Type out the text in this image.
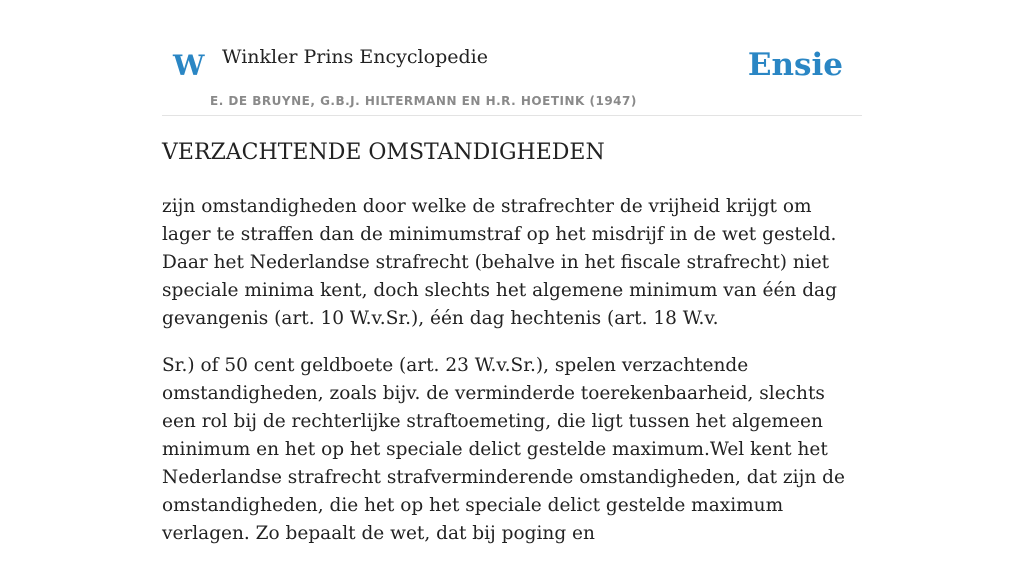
W Winkler Prins Encyclopedie
E. DE BRUYNE, G.B.J. HILTERMANN EN H.R. HOETINK (1947)
Ensie
VERZACHTENDE OMSTANDIGHEDEN

zijn omstandigheden door welke de strafrechter de vrijheid krijgt om lager te straffen dan de minimumstraf op het misdrijf in de wet gesteld. Daar het Nederlandse strafrecht (behalve in het fiscale strafrecht) niet speciale minima kent, doch slechts het algemene minimum van één dag gevangenis (art. 10 W.v.Sr.), één dag hechtenis (art. 18 W.v.

Sr.) of 50 cent geldboete (art. 23 W.v.Sr.), spelen verzachtende omstandigheden, zoals bijv. de verminderde toerekenbaarheid, slechts een rol bij de rechterlijke straftoemeting, die ligt tussen het algemeen minimum en het op het speciale delict gestelde maximum.Wel kent het Nederlandse strafrecht strafverminderende omstandigheden, dat zijn de omstandigheden, die het op het speciale delict gestelde maximum verlagen. Zo bepaalt de wet, dat bij poging en
